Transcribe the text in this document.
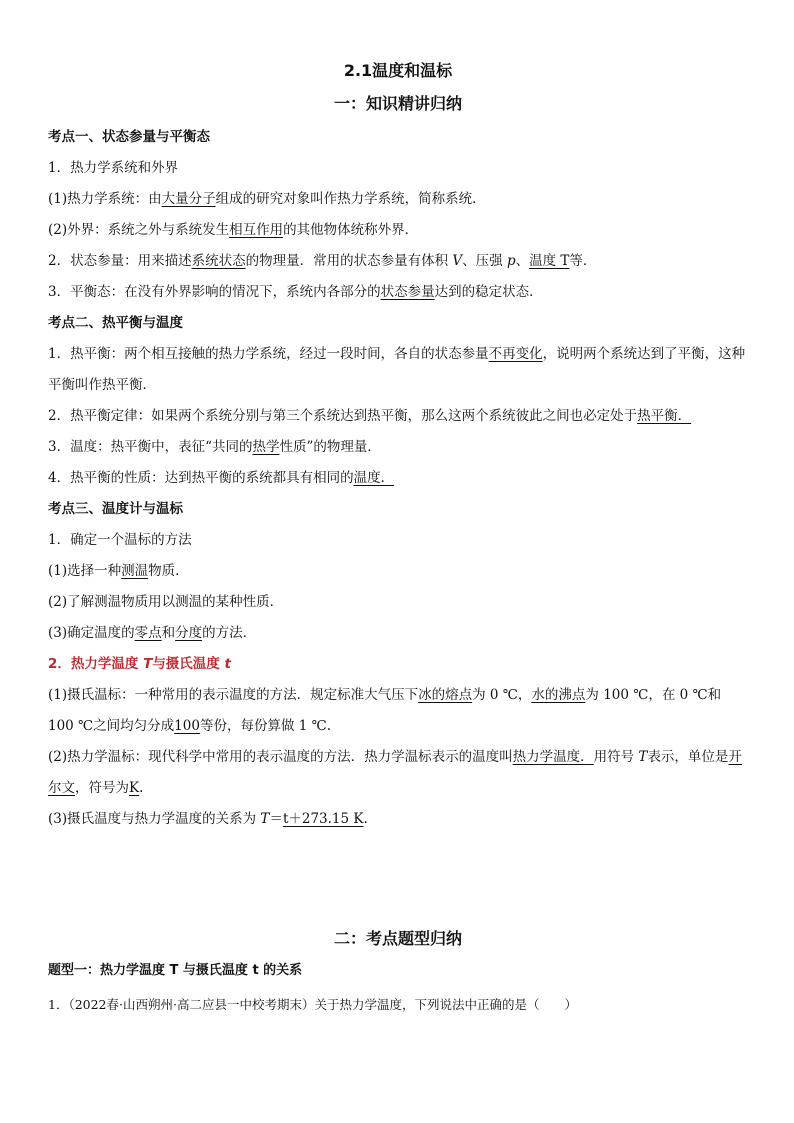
2.1温度和温标
一：知识精讲归纳
考点一、状态参量与平衡态
1．热力学系统和外界
(1)热力学系统：由大量分子组成的研究对象叫作热力学系统，简称系统．
(2)外界：系统之外与系统发生相互作用的其他物体统称外界．
2．状态参量：用来描述系统状态的物理量．常用的状态参量有体积 V、压强 p、温度 T等．
3．平衡态：在没有外界影响的情况下，系统内各部分的状态参量达到的稳定状态．
考点二、热平衡与温度
1．热平衡：两个相互接触的热力学系统，经过一段时间，各自的状态参量不再变化，说明两个系统达到了平衡，这种平衡叫作热平衡．
2．热平衡定律：如果两个系统分别与第三个系统达到热平衡，那么这两个系统彼此之间也必定处于热平衡．
3．温度：热平衡中，表征“共同的热学性质”的物理量．
4．热平衡的性质：达到热平衡的系统都具有相同的温度．
考点三、温度计与温标
1．确定一个温标的方法
(1)选择一种测温物质．
(2)了解测温物质用以测温的某种性质．
(3)确定温度的零点和分度的方法．
2．热力学温度 T与摄氏温度 t
(1)摄氏温标：一种常用的表示温度的方法．规定标准大气压下冰的熔点为 0 ℃，水的沸点为 100 ℃，在 0 ℃和 100 ℃之间均匀分成100等份，每份算做 1 ℃.
(2)热力学温标：现代科学中常用的表示温度的方法．热力学温标表示的温度叫热力学温度．用符号 T表示，单位是开尔文，符号为K.
(3)摄氏温度与热力学温度的关系为 T＝t＋273.15 K.
二：考点题型归纳
题型一：热力学温度 T 与摄氏温度 t 的关系
1．（2022春·山西朔州·高二应县一中校考期末）关于热力学温度，下列说法中正确的是（　　）
